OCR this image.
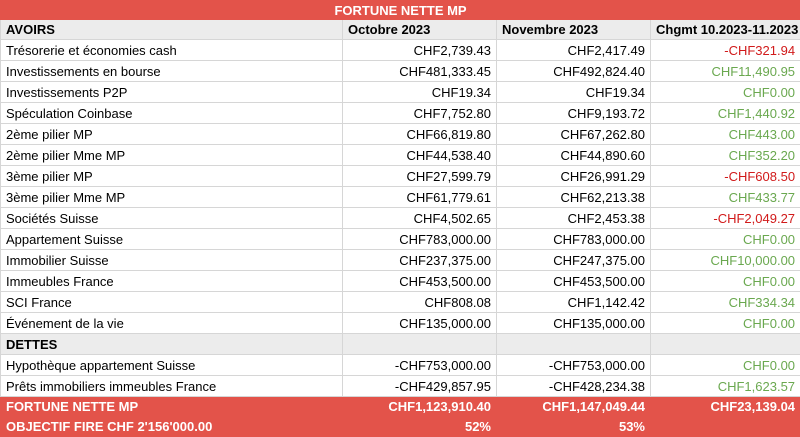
FORTUNE NETTE MP			
AVOIRS	Octobre 2023	Novembre 2023	Chgmt 10.2023-11.2023
Trésorerie et économies cash	CHF2,739.43	CHF2,417.49	-CHF321.94
Investissements en bourse	CHF481,333.45	CHF492,824.40	CHF11,490.95
Investissements P2P	CHF19.34	CHF19.34	CHF0.00
Spéculation Coinbase	CHF7,752.80	CHF9,193.72	CHF1,440.92
2ème pilier MP	CHF66,819.80	CHF67,262.80	CHF443.00
2ème pilier Mme MP	CHF44,538.40	CHF44,890.60	CHF352.20
3ème pilier MP	CHF27,599.79	CHF26,991.29	-CHF608.50
3ème pilier Mme MP	CHF61,779.61	CHF62,213.38	CHF433.77
Sociétés Suisse	CHF4,502.65	CHF2,453.38	-CHF2,049.27
Appartement Suisse	CHF783,000.00	CHF783,000.00	CHF0.00
Immobilier Suisse	CHF237,375.00	CHF247,375.00	CHF10,000.00
Immeubles France	CHF453,500.00	CHF453,500.00	CHF0.00
SCI France	CHF808.08	CHF1,142.42	CHF334.34
Événement de la vie	CHF135,000.00	CHF135,000.00	CHF0.00
DETTES			
Hypothèque appartement Suisse	-CHF753,000.00	-CHF753,000.00	CHF0.00
Prêts immobiliers immeubles France	-CHF429,857.95	-CHF428,234.38	CHF1,623.57
FORTUNE NETTE MP	CHF1,123,910.40	CHF1,147,049.44	CHF23,139.04
OBJECTIF FIRE CHF 2'156'000.00	52%	53%	
